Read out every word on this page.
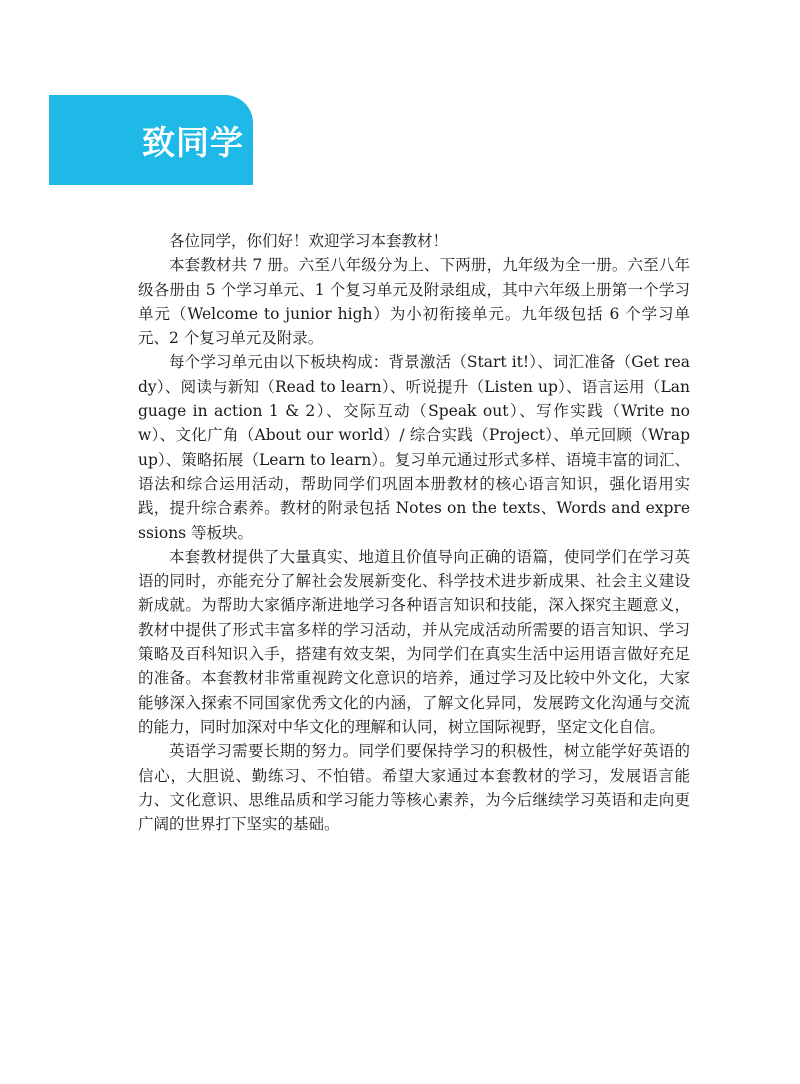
致同学

各位同学，你们好！欢迎学习本套教材！

本套教材共 7 册。六至八年级分为上、下两册，九年级为全一册。六至八年级各册由 5 个学习单元、1 个复习单元及附录组成，其中六年级上册第一个学习单元（Welcome to junior high）为小初衔接单元。九年级包括 6 个学习单元、2 个复习单元及附录。

每个学习单元由以下板块构成：背景激活（Start it!）、词汇准备（Get ready）、阅读与新知（Read to learn）、听说提升（Listen up）、语言运用（Language in action 1 & 2）、交际互动（Speak out）、写作实践（Write now）、文化广角（About our world）/ 综合实践（Project）、单元回顾（Wrap up）、策略拓展（Learn to learn）。复习单元通过形式多样、语境丰富的词汇、语法和综合运用活动，帮助同学们巩固本册教材的核心语言知识，强化语用实践，提升综合素养。教材的附录包括 Notes on the texts、Words and expressions 等板块。

本套教材提供了大量真实、地道且价值导向正确的语篇，使同学们在学习英语的同时，亦能充分了解社会发展新变化、科学技术进步新成果、社会主义建设新成就。为帮助大家循序渐进地学习各种语言知识和技能，深入探究主题意义，教材中提供了形式丰富多样的学习活动，并从完成活动所需要的语言知识、学习策略及百科知识入手，搭建有效支架，为同学们在真实生活中运用语言做好充足的准备。本套教材非常重视跨文化意识的培养，通过学习及比较中外文化，大家能够深入探索不同国家优秀文化的内涵，了解文化异同，发展跨文化沟通与交流的能力，同时加深对中华文化的理解和认同，树立国际视野，坚定文化自信。

英语学习需要长期的努力。同学们要保持学习的积极性，树立能学好英语的信心，大胆说、勤练习、不怕错。希望大家通过本套教材的学习，发展语言能力、文化意识、思维品质和学习能力等核心素养，为今后继续学习英语和走向更广阔的世界打下坚实的基础。
